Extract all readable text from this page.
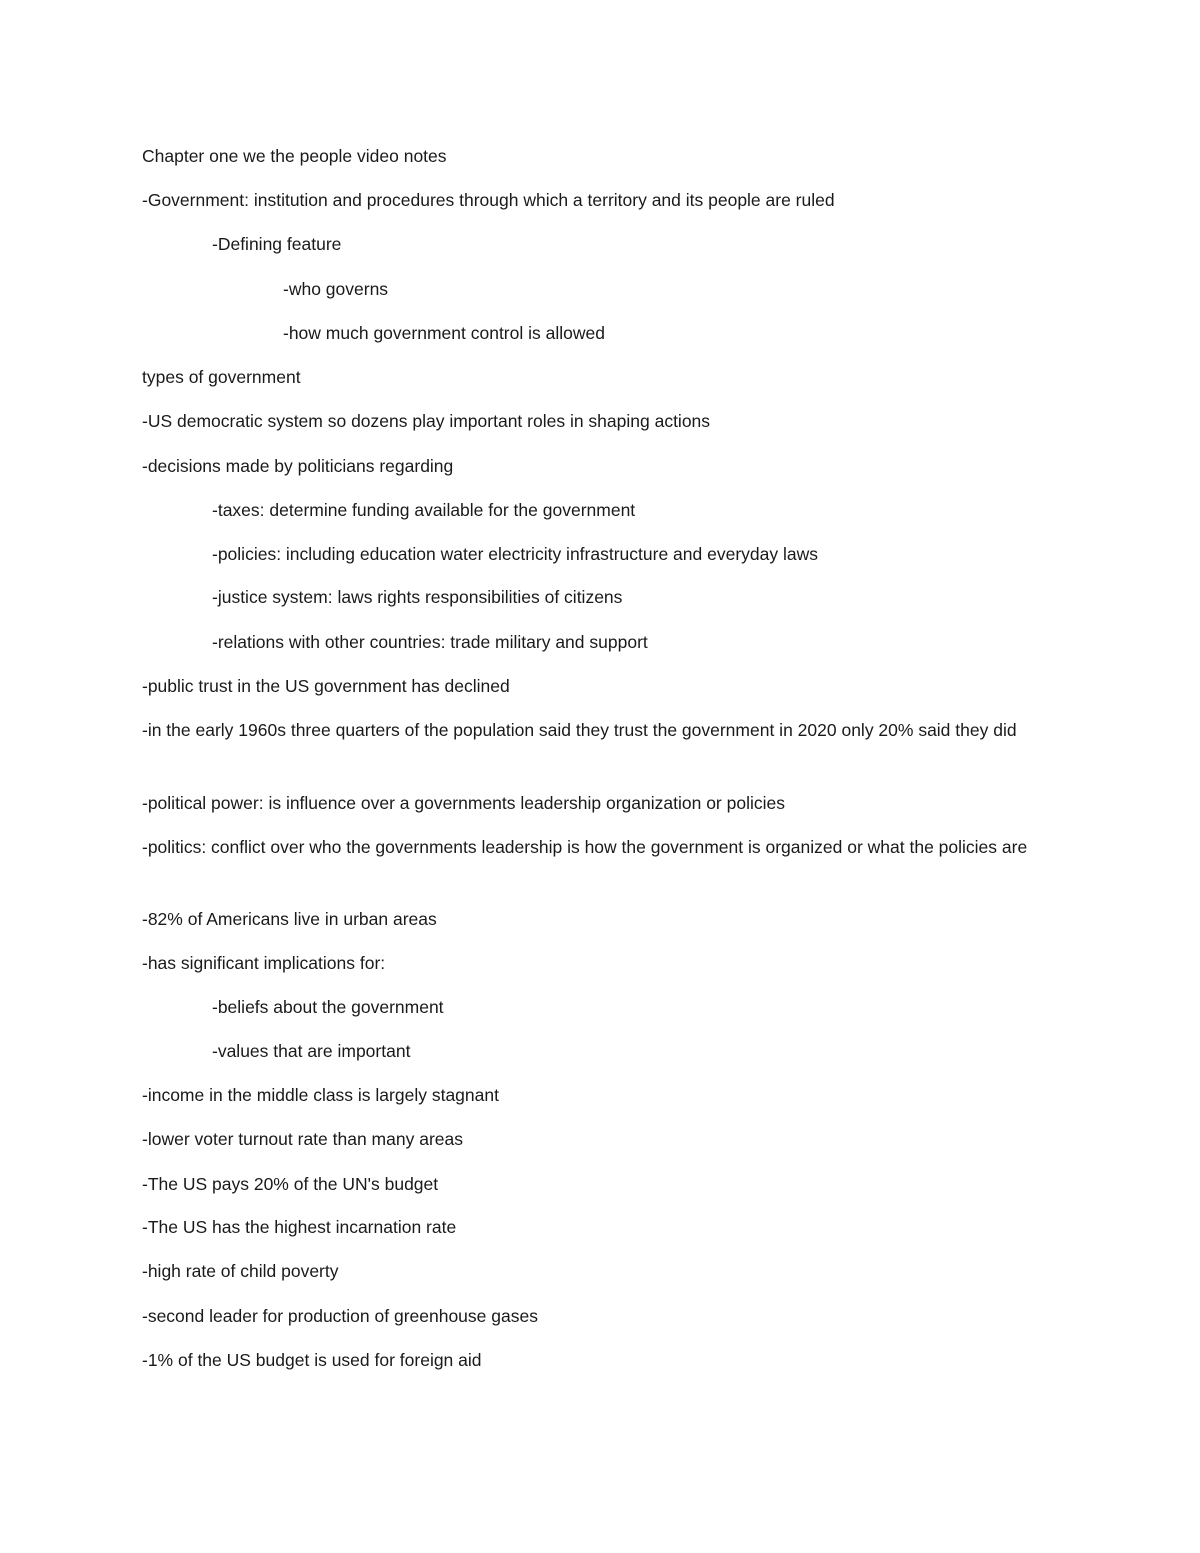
Chapter one we the people video notes

-Government: institution and procedures through which a territory and its people are ruled

-Defining feature

-who governs

-how much government control is allowed

types of government

-US democratic system so dozens play important roles in shaping actions

-decisions made by politicians regarding

-taxes: determine funding available for the government

-policies: including education water electricity infrastructure and everyday laws

-justice system: laws rights responsibilities of citizens

-relations with other countries: trade military and support

-public trust in the US government has declined

-in the early 1960s three quarters of the population said they trust the government in 2020 only 20% said they did

-political power: is influence over a governments leadership organization or policies

-politics: conflict over who the governments leadership is how the government is organized or what the policies are

-82% of Americans live in urban areas

-has significant implications for:

-beliefs about the government

-values that are important

-income in the middle class is largely stagnant

-lower voter turnout rate than many areas

-The US pays 20% of the UN's budget

-The US has the highest incarnation rate

-high rate of child poverty

-second leader for production of greenhouse gases

-1% of the US budget is used for foreign aid
